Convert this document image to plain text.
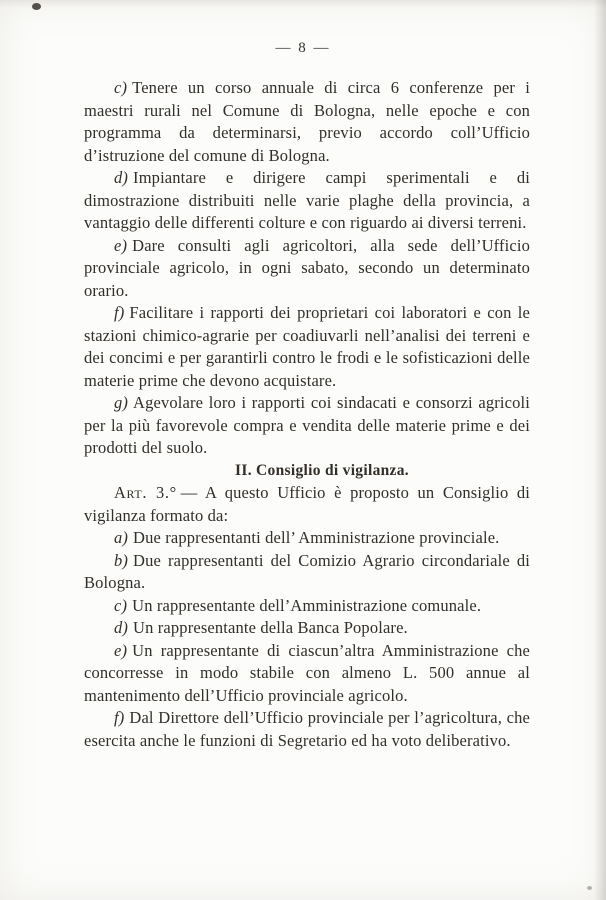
— 8 —

c) Tenere un corso annuale di circa 6 conferenze per i maestri rurali nel Comune di Bologna, nelle epoche e con programma da determinarsi, previo accordo coll’Ufficio d’istruzione del comune di Bologna.

d) Impiantare e dirigere campi sperimentali e di dimostrazione distribuiti nelle varie plaghe della provincia, a vantaggio delle differenti colture e con riguardo ai diversi terreni.

e) Dare consulti agli agricoltori, alla sede dell’Ufficio provinciale agricolo, in ogni sabato, secondo un determinato orario.

f) Facilitare i rapporti dei proprietari coi laboratori e con le stazioni chimico-agrarie per coadiuvarli nell’analisi dei terreni e dei concimi e per garantirli contro le frodi e le sofisticazioni delle materie prime che devono acquistare.

g) Agevolare loro i rapporti coi sindacati e consorzi agricoli per la più favorevole compra e vendita delle materie prime e dei prodotti del suolo.

II. Consiglio di vigilanza.

Art. 3.° — A questo Ufficio è proposto un Consiglio di vigilanza formato da:

a) Due rappresentanti dell’ Amministrazione provinciale.

b) Due rappresentanti del Comizio Agrario circondariale di Bologna.

c) Un rappresentante dell’Amministrazione comunale.

d) Un rappresentante della Banca Popolare.

e) Un rappresentante di ciascun’altra Amministrazione che concorresse in modo stabile con almeno L. 500 annue al mantenimento dell’Ufficio provinciale agricolo.

f) Dal Direttore dell’Ufficio provinciale per l’agricoltura, che esercita anche le funzioni di Segretario ed ha voto deliberativo.
